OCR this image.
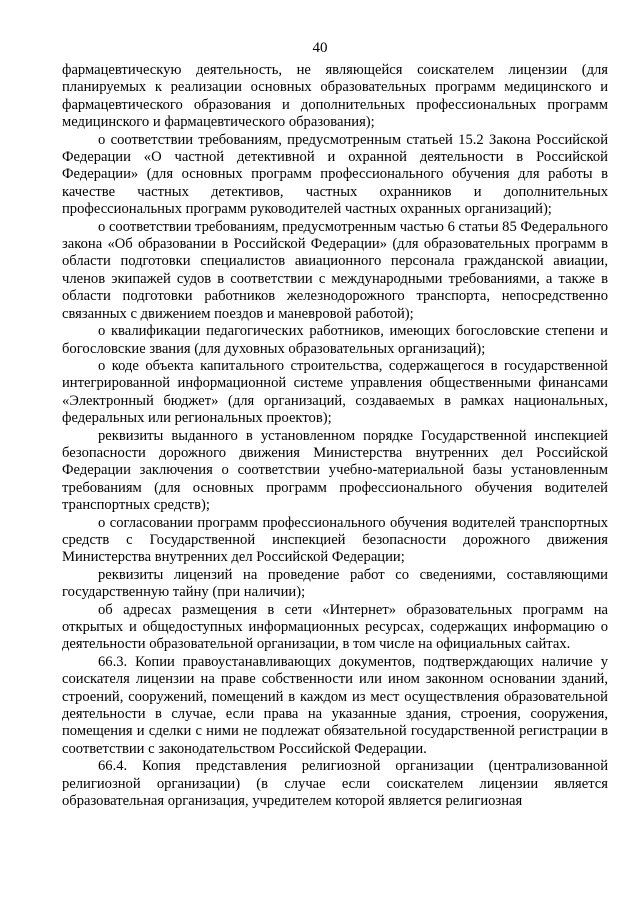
40

фармацевтическую деятельность, не являющейся соискателем лицензии (для планируемых к реализации основных образовательных программ медицинского и фармацевтического образования и дополнительных профессиональных программ медицинского и фармацевтического образования);

о соответствии требованиям, предусмотренным статьей 15.2 Закона Российской Федерации «О частной детективной и охранной деятельности в Российской Федерации» (для основных программ профессионального обучения для работы в качестве частных детективов, частных охранников и дополнительных профессиональных программ руководителей частных охранных организаций);

о соответствии требованиям, предусмотренным частью 6 статьи 85 Федерального закона «Об образовании в Российской Федерации» (для образовательных программ в области подготовки специалистов авиационного персонала гражданской авиации, членов экипажей судов в соответствии с международными требованиями, а также в области подготовки работников железнодорожного транспорта, непосредственно связанных с движением поездов и маневровой работой);

о квалификации педагогических работников, имеющих богословские степени и богословские звания (для духовных образовательных организаций);

о коде объекта капитального строительства, содержащегося в государственной интегрированной информационной системе управления общественными финансами «Электронный бюджет» (для организаций, создаваемых в рамках национальных, федеральных или региональных проектов);

реквизиты выданного в установленном порядке Государственной инспекцией безопасности дорожного движения Министерства внутренних дел Российской Федерации заключения о соответствии учебно-материальной базы установленным требованиям (для основных программ профессионального обучения водителей транспортных средств);

о согласовании программ профессионального обучения водителей транспортных средств с Государственной инспекцией безопасности дорожного движения Министерства внутренних дел Российской Федерации;

реквизиты лицензий на проведение работ со сведениями, составляющими государственную тайну (при наличии);

об адресах размещения в сети «Интернет» образовательных программ на открытых и общедоступных информационных ресурсах, содержащих информацию о деятельности образовательной организации, в том числе на официальных сайтах.

66.3. Копии правоустанавливающих документов, подтверждающих наличие у соискателя лицензии на праве собственности или ином законном основании зданий, строений, сооружений, помещений в каждом из мест осуществления образовательной деятельности в случае, если права на указанные здания, строения, сооружения, помещения и сделки с ними не подлежат обязательной государственной регистрации в соответствии с законодательством Российской Федерации.

66.4. Копия представления религиозной организации (централизованной религиозной организации) (в случае если соискателем лицензии является образовательная организация, учредителем которой является религиозная
